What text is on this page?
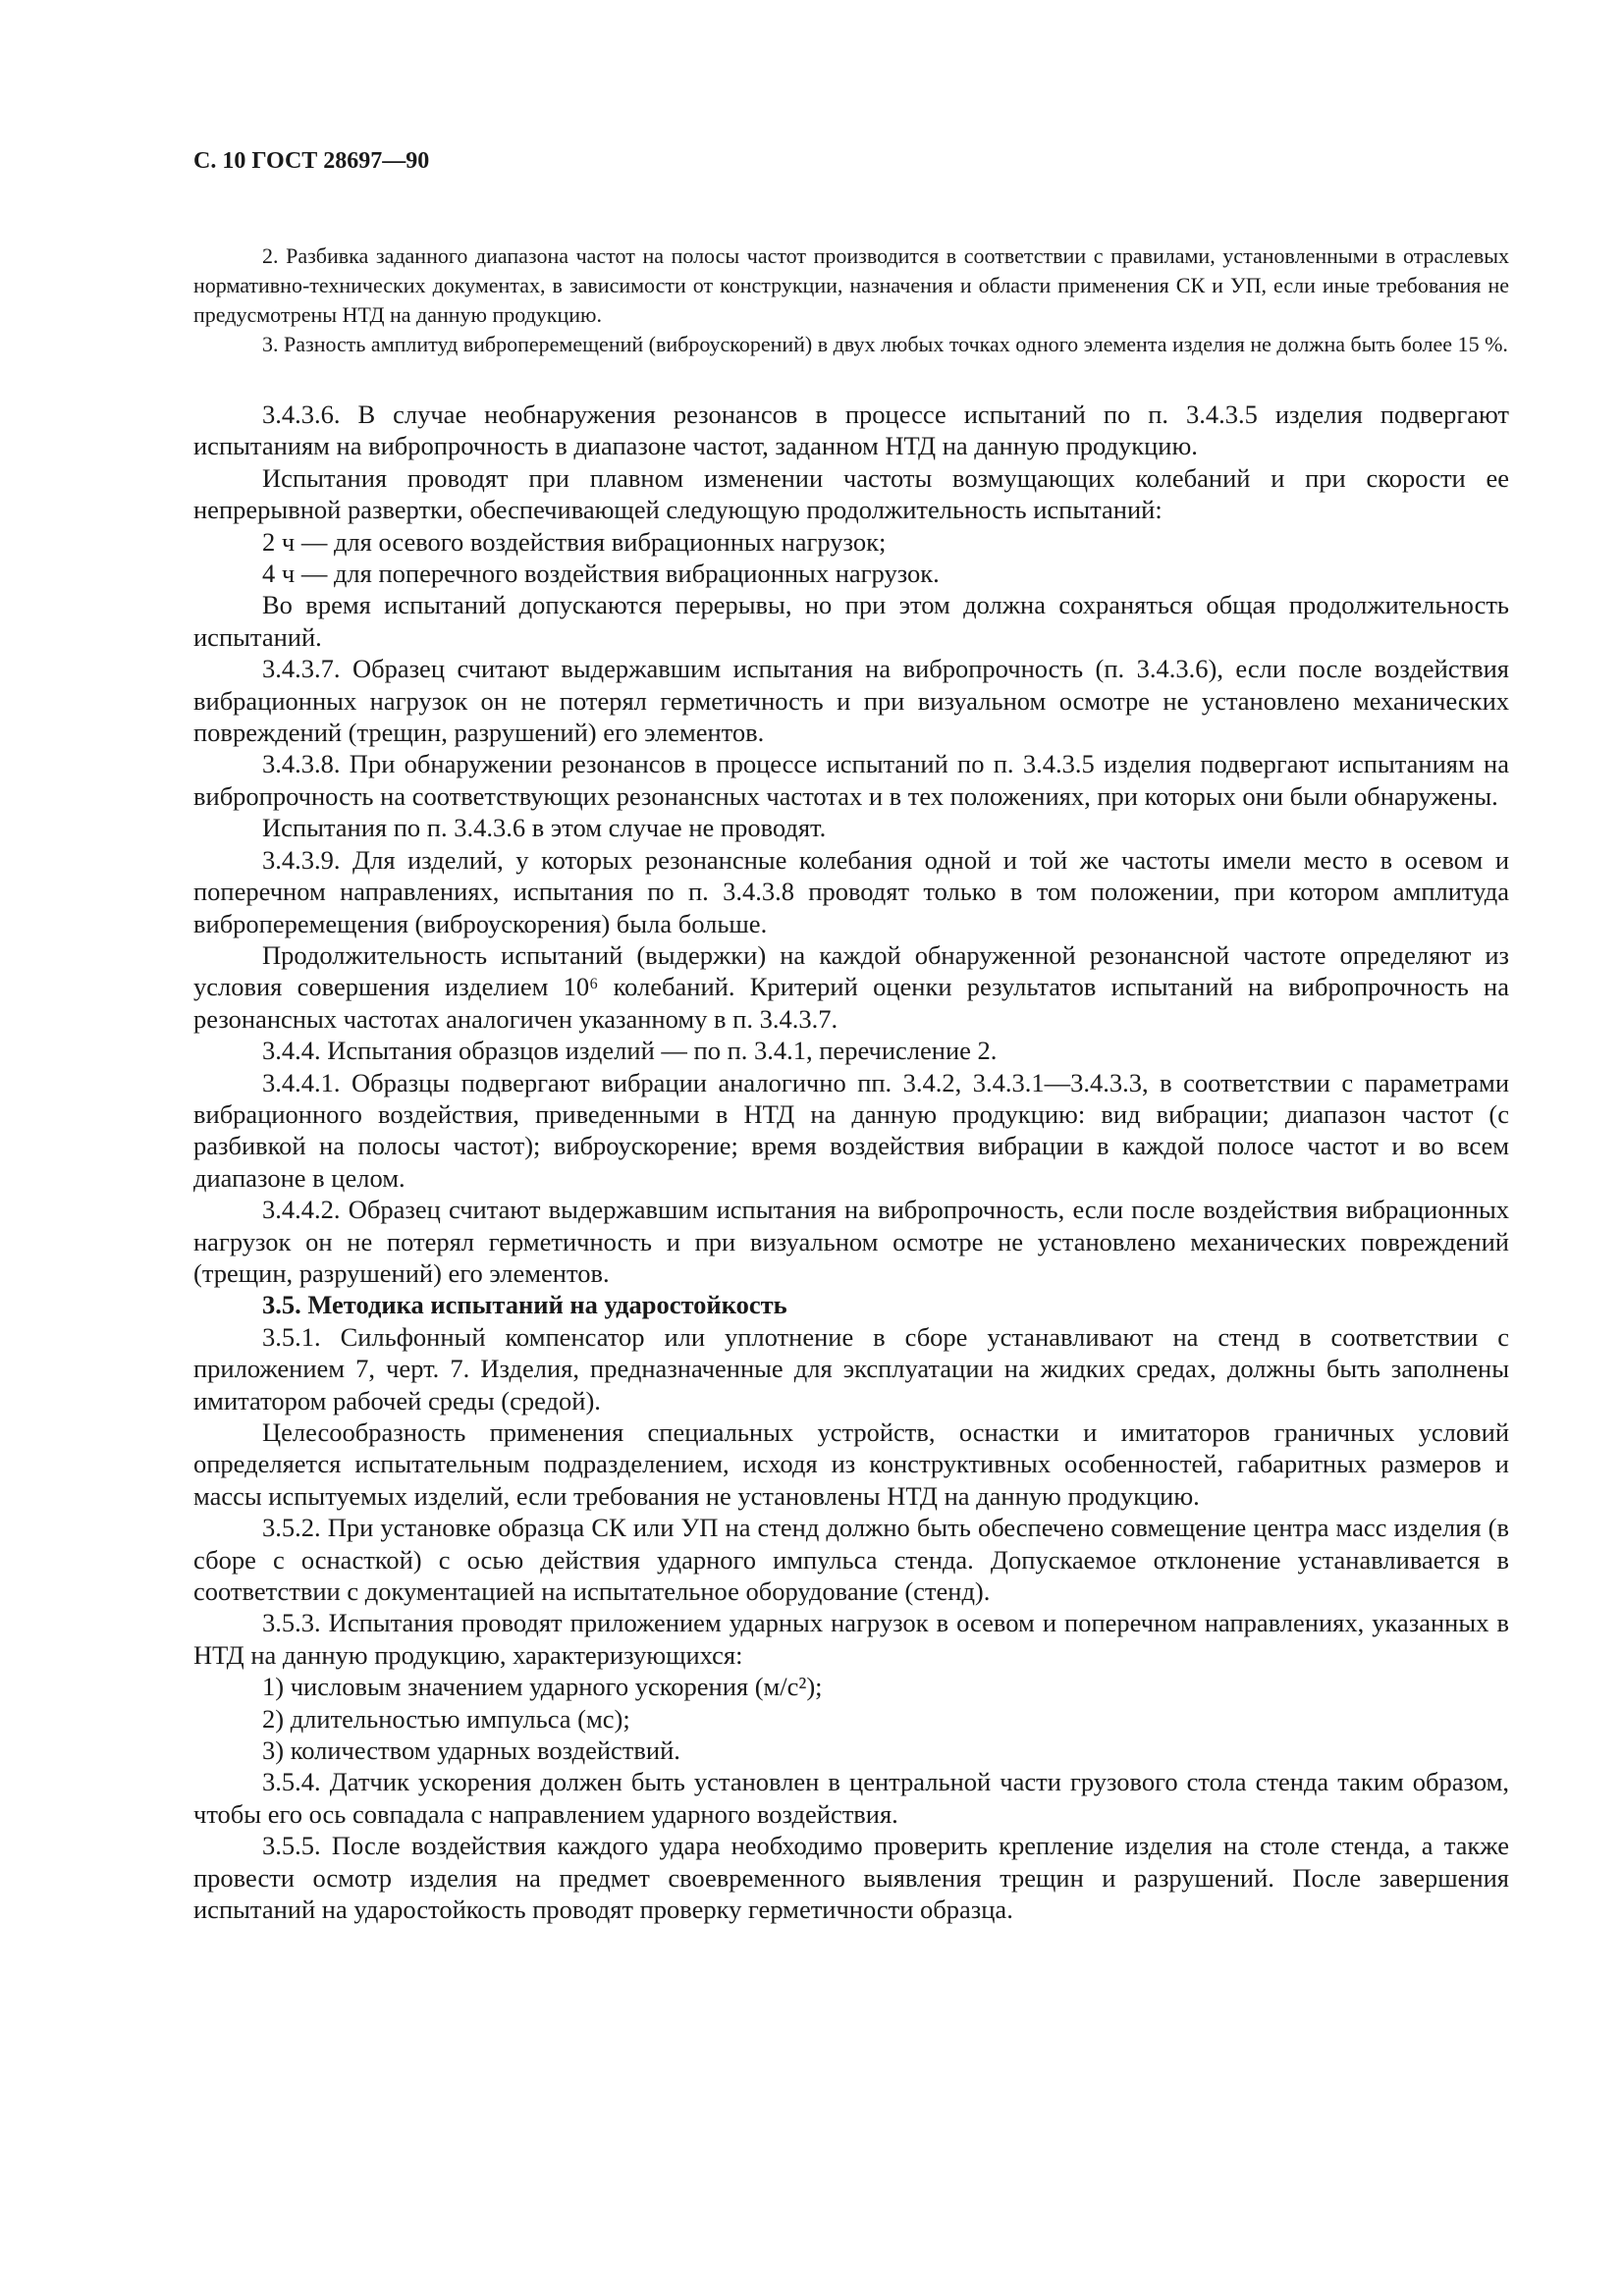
С. 10 ГОСТ 28697—90

2. Разбивка заданного диапазона частот на полосы частот производится в соответствии с правилами, установленными в отраслевых нормативно-технических документах, в зависимости от конструкции, назначения и области применения СК и УП, если иные требования не предусмотрены НТД на данную продукцию.

3. Разность амплитуд виброперемещений (виброускорений) в двух любых точках одного элемента изделия не должна быть более 15 %.

3.4.3.6. В случае необнаружения резонансов в процессе испытаний по п. 3.4.3.5 изделия подвергают испытаниям на вибропрочность в диапазоне частот, заданном НТД на данную продукцию.

Испытания проводят при плавном изменении частоты возмущающих колебаний и при скорости ее непрерывной развертки, обеспечивающей следующую продолжительность испытаний:

2 ч — для осевого воздействия вибрационных нагрузок;

4 ч — для поперечного воздействия вибрационных нагрузок.

Во время испытаний допускаются перерывы, но при этом должна сохраняться общая продолжительность испытаний.

3.4.3.7. Образец считают выдержавшим испытания на вибропрочность (п. 3.4.3.6), если после воздействия вибрационных нагрузок он не потерял герметичность и при визуальном осмотре не установлено механических повреждений (трещин, разрушений) его элементов.

3.4.3.8. При обнаружении резонансов в процессе испытаний по п. 3.4.3.5 изделия подвергают испытаниям на вибропрочность на соответствующих резонансных частотах и в тех положениях, при которых они были обнаружены.

Испытания по п. 3.4.3.6 в этом случае не проводят.

3.4.3.9. Для изделий, у которых резонансные колебания одной и той же частоты имели место в осевом и поперечном направлениях, испытания по п. 3.4.3.8 проводят только в том положении, при котором амплитуда виброперемещения (виброускорения) была больше.

Продолжительность испытаний (выдержки) на каждой обнаруженной резонансной частоте определяют из условия совершения изделием 10⁶ колебаний. Критерий оценки результатов испытаний на вибропрочность на резонансных частотах аналогичен указанному в п. 3.4.3.7.

3.4.4. Испытания образцов изделий — по п. 3.4.1, перечисление 2.

3.4.4.1. Образцы подвергают вибрации аналогично пп. 3.4.2, 3.4.3.1—3.4.3.3, в соответствии с параметрами вибрационного воздействия, приведенными в НТД на данную продукцию: вид вибрации; диапазон частот (с разбивкой на полосы частот); виброускорение; время воздействия вибрации в каждой полосе частот и во всем диапазоне в целом.

3.4.4.2. Образец считают выдержавшим испытания на вибропрочность, если после воздействия вибрационных нагрузок он не потерял герметичность и при визуальном осмотре не установлено механических повреждений (трещин, разрушений) его элементов.

3.5. Методика испытаний на ударостойкость

3.5.1. Сильфонный компенсатор или уплотнение в сборе устанавливают на стенд в соответствии с приложением 7, черт. 7. Изделия, предназначенные для эксплуатации на жидких средах, должны быть заполнены имитатором рабочей среды (средой).

Целесообразность применения специальных устройств, оснастки и имитаторов граничных условий определяется испытательным подразделением, исходя из конструктивных особенностей, габаритных размеров и массы испытуемых изделий, если требования не установлены НТД на данную продукцию.

3.5.2. При установке образца СК или УП на стенд должно быть обеспечено совмещение центра масс изделия (в сборе с оснасткой) с осью действия ударного импульса стенда. Допускаемое отклонение устанавливается в соответствии с документацией на испытательное оборудование (стенд).

3.5.3. Испытания проводят приложением ударных нагрузок в осевом и поперечном направлениях, указанных в НТД на данную продукцию, характеризующихся:

1) числовым значением ударного ускорения (м/с²);

2) длительностью импульса (мс);

3) количеством ударных воздействий.

3.5.4. Датчик ускорения должен быть установлен в центральной части грузового стола стенда таким образом, чтобы его ось совпадала с направлением ударного воздействия.

3.5.5. После воздействия каждого удара необходимо проверить крепление изделия на столе стенда, а также провести осмотр изделия на предмет своевременного выявления трещин и разрушений. После завершения испытаний на ударостойкость проводят проверку герметичности образца.
